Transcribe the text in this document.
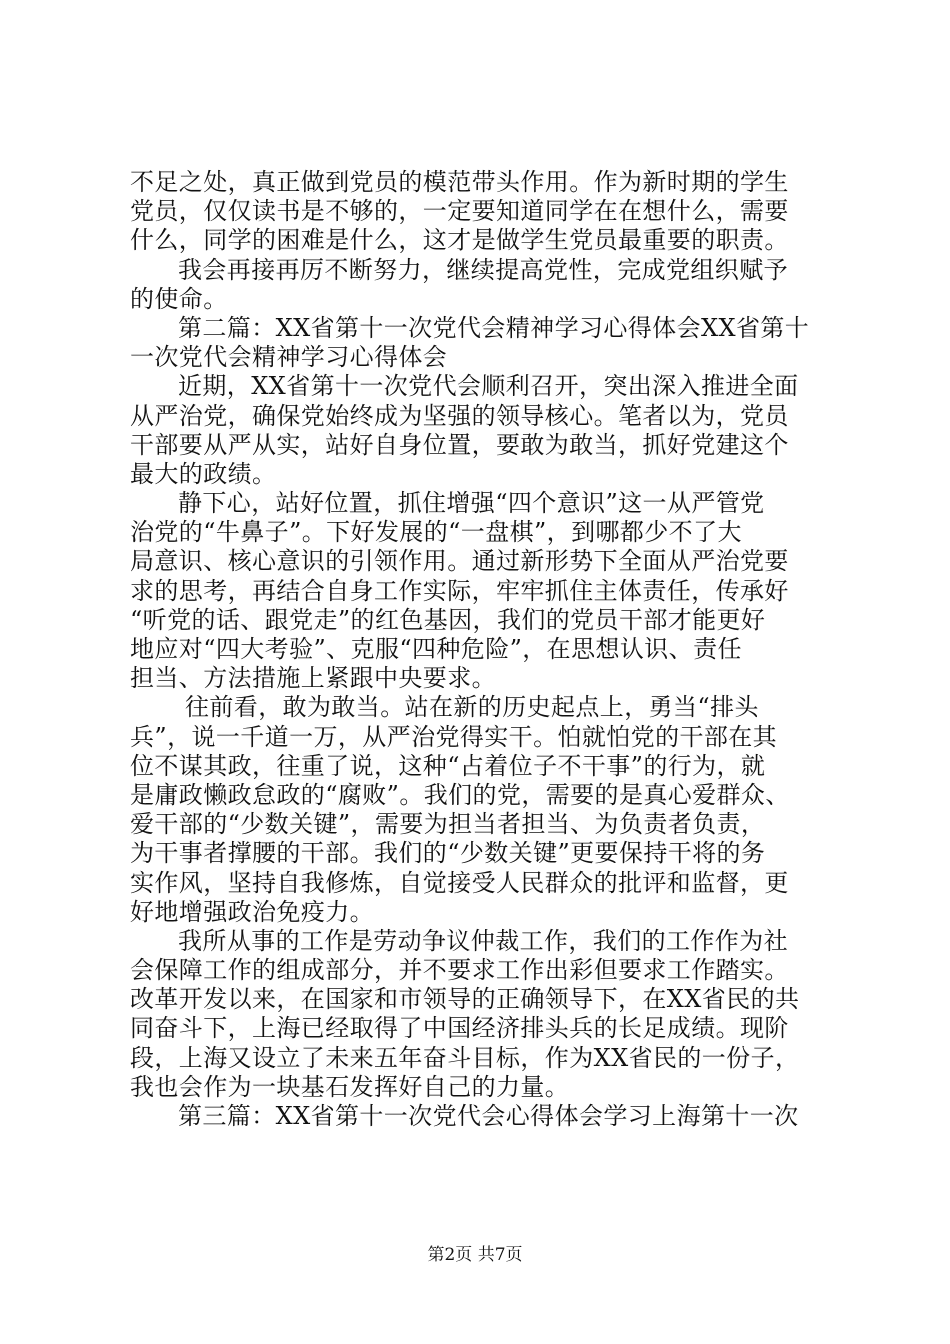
不足之处，真正做到党员的模范带头作用。作为新时期的学生
党员，仅仅读书是不够的，一定要知道同学在在想什么，需要
什么，同学的困难是什么，这才是做学生党员最重要的职责。
我会再接再厉不断努力，继续提高党性，完成党组织赋予
的使命。
第二篇：XX省第十一次党代会精神学习心得体会XX省第十
一次党代会精神学习心得体会
近期，XX省第十一次党代会顺利召开，突出深入推进全面
从严治党，确保党始终成为坚强的领导核心。笔者以为，党员
干部要从严从实，站好自身位置，要敢为敢当，抓好党建这个
最大的政绩。
静下心，站好位置，抓住增强“四个意识”这一从严管党
治党的“牛鼻子”。下好发展的“一盘棋”，到哪都少不了大
局意识、核心意识的引领作用。通过新形势下全面从严治党要
求的思考，再结合自身工作实际，牢牢抓住主体责任，传承好
“听党的话、跟党走”的红色基因，我们的党员干部才能更好
地应对“四大考验”、克服“四种危险”，在思想认识、责任
担当、方法措施上紧跟中央要求。
往前看，敢为敢当。站在新的历史起点上，勇当“排头
兵”，说一千道一万，从严治党得实干。怕就怕党的干部在其
位不谋其政，往重了说，这种“占着位子不干事”的行为，就
是庸政懒政怠政的“腐败”。我们的党，需要的是真心爱群众、
爱干部的“少数关键”，需要为担当者担当、为负责者负责，
为干事者撑腰的干部。我们的“少数关键”更要保持干将的务
实作风，坚持自我修炼，自觉接受人民群众的批评和监督，更
好地增强政治免疫力。
我所从事的工作是劳动争议仲裁工作，我们的工作作为社
会保障工作的组成部分，并不要求工作出彩但要求工作踏实。
改革开发以来，在国家和市领导的正确领导下，在XX省民的共
同奋斗下，上海已经取得了中国经济排头兵的长足成绩。现阶
段，上海又设立了未来五年奋斗目标，作为XX省民的一份子，
我也会作为一块基石发挥好自己的力量。
第三篇：XX省第十一次党代会心得体会学习上海第十一次
第2页 共7页
